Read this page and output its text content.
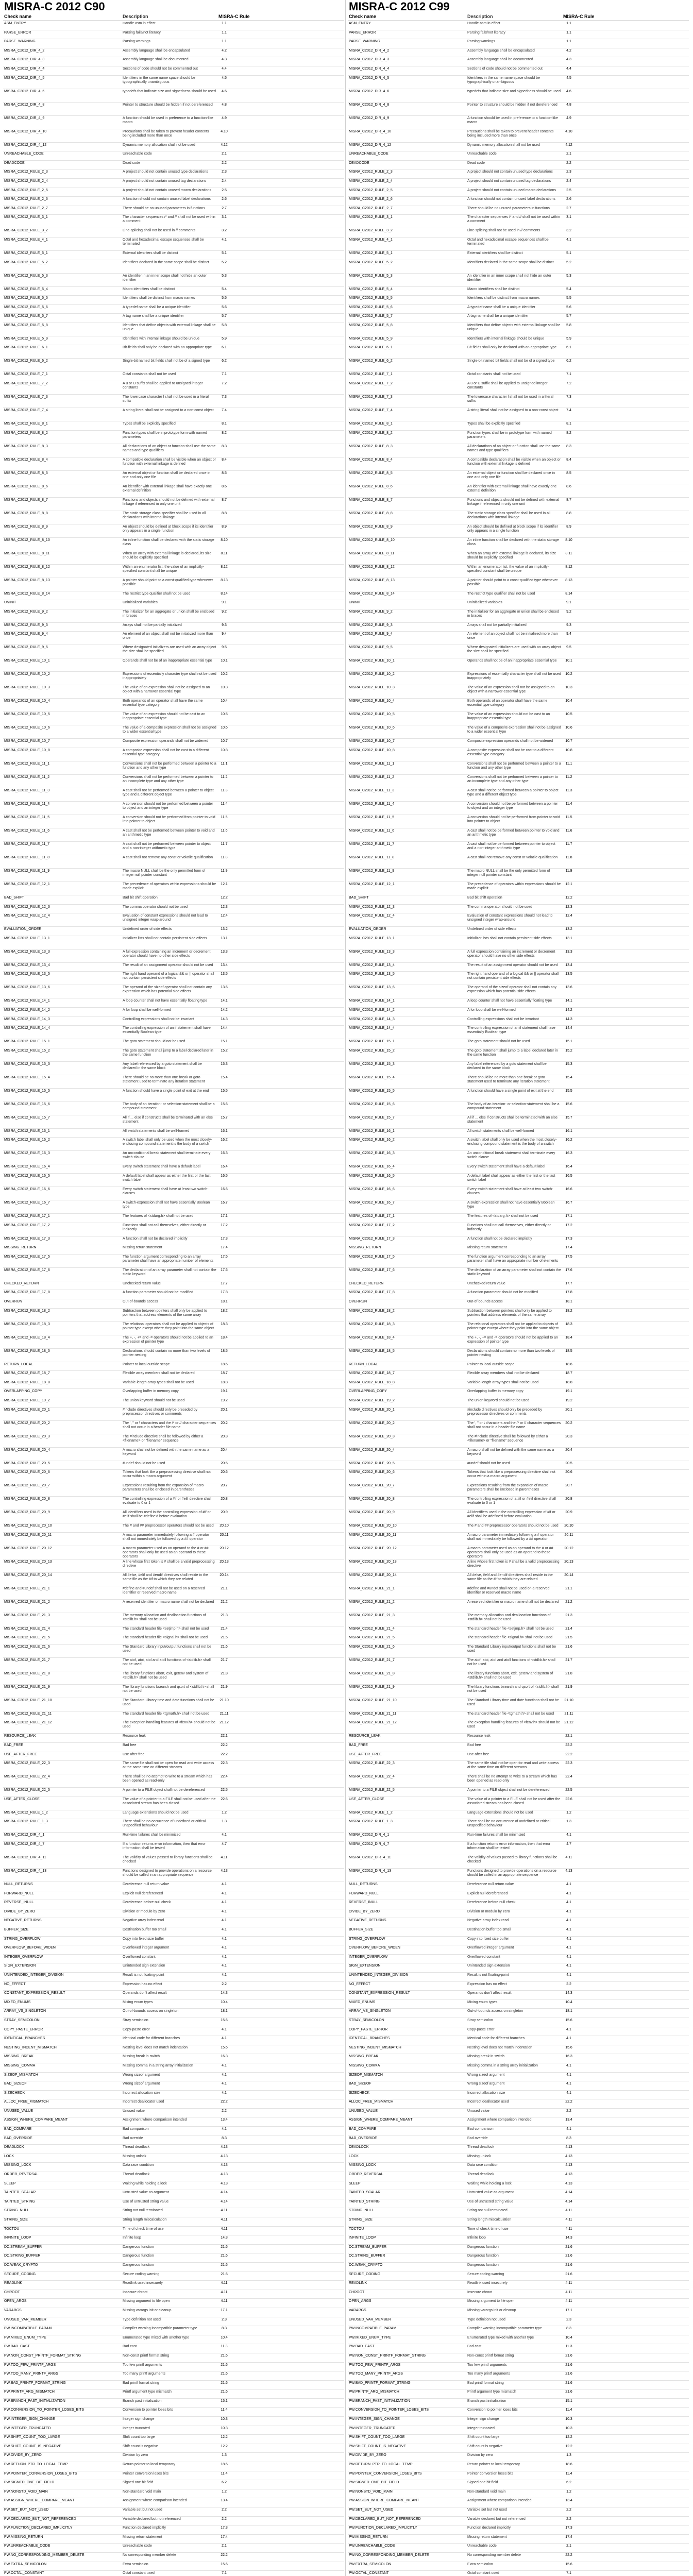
MISRA-C 2012 C90
Check name	Description	MISRA-C Rule
ASM_ENTRY	Handle asm in effect	1.1
PARSE_ERROR	Parsing fails/not literacy	1.1
PARSE_WARNING	Parsing warnings	1.1
MISRA_C2012_DIR_4_2	Assembly language shall be encapsulated	4.2
MISRA_C2012_DIR_4_3	Assembly language shall be documented	4.3
MISRA_C2012_DIR_4_4	Sections of code should not be commented out	4.4
MISRA_C2012_DIR_4_5	Identifiers in the same name space should be typographically unambiguous
4.5
MISRA_C2012_DIR_4_6	typedefs that indicate size and signedness should be used	4.6
MISRA_C2012_DIR_4_8	Pointer to structure should be hidden if not dereferenced	4.8
MISRA_C2012_DIR_4_9	A function should be used in preference to a function-like macro
4.9
MISRA_C2012_DIR_4_10	Precautions shall be taken to prevent header contents being included more than once
4.10
MISRA_C2012_DIR_4_12	Dynamic memory allocation shall not be used	4.12
UNREACHABLE_CODE	Unreachable code	2.1
DEADCODE	Dead code	2.2
MISRA_C2012_RULE_2_3	A project should not contain unused type declarations	2.3
MISRA_C2012_RULE_2_4	A project should not contain unused tag declarations	2.4
MISRA_C2012_RULE_2_5	A project should not contain unused macro declarations	2.5
MISRA_C2012_RULE_2_6	A function should not contain unused label declarations	2.6
MISRA_C2012_RULE_2_7	There should be no unused parameters in functions	2.7
MISRA_C2012_RULE_3_1	The character sequences /* and // shall not be used within a comment
3.1
MISRA_C2012_RULE_3_2	Line-splicing shall not be used in // comments	3.2
MISRA_C2012_RULE_4_1	Octal and hexadecimal escape sequences shall be terminated
4.1
MISRA_C2012_RULE_5_1	External identifiers shall be distinct	5.1
MISRA_C2012_RULE_5_2	Identifiers declared in the same scope shall be distinct	5.2
MISRA_C2012_RULE_5_3	An identifier in an inner scope shall not hide an outer identifier
5.3
MISRA_C2012_RULE_5_4	Macro identifiers shall be distinct	5.4
MISRA_C2012_RULE_5_5	Identifiers shall be distinct from macro names	5.5
MISRA_C2012_RULE_5_6	A typedef name shall be a unique identifier	5.6
MISRA_C2012_RULE_5_7	A tag name shall be a unique identifier	5.7
MISRA_C2012_RULE_5_8	Identifiers that define objects with external linkage shall be unique
5.8
MISRA_C2012_RULE_5_9	Identifiers with internal linkage should be unique	5.9
MISRA_C2012_RULE_6_1	Bit-fields shall only be declared with an appropriate type	6.1
MISRA_C2012_RULE_6_2	Single-bit named bit fields shall not be of a signed type	6.2
MISRA_C2012_RULE_7_1	Octal constants shall not be used	7.1
MISRA_C2012_RULE_7_2	A u or U suffix shall be applied to unsigned integer constants
7.2
MISRA_C2012_RULE_7_3	The lowercase character l shall not be used in a literal suffix
7.3
MISRA_C2012_RULE_7_4	A string literal shall not be assigned to a non-const object	7.4
MISRA_C2012_RULE_8_1	Types shall be explicitly specified	8.1
MISRA_C2012_RULE_8_2	Function types shall be in prototype form with named parameters
8.2
MISRA_C2012_RULE_8_3	All declarations of an object or function shall use the same names and type qualifiers
8.3
MISRA_C2012_RULE_8_4	A compatible declaration shall be visible when an object or function with external linkage is defined
8.4
MISRA_C2012_RULE_8_5	An external object or function shall be declared once in one and only one file
8.5
MISRA_C2012_RULE_8_6	An identifier with external linkage shall have exactly one external definition
8.6
MISRA_C2012_RULE_8_7	Functions and objects should not be defined with external linkage if referenced in only one unit
8.7
MISRA_C2012_RULE_8_8	The static storage class specifier shall be used in all declarations with internal linkage
8.8
MISRA_C2012_RULE_8_9	An object should be defined at block scope if its identifier only appears in a single function
8.9
MISRA_C2012_RULE_8_10	An inline function shall be declared with the static storage class
8.10
MISRA_C2012_RULE_8_11	When an array with external linkage is declared, its size should be explicitly specified
8.11
MISRA_C2012_RULE_8_12	Within an enumerator list, the value of an implicitly-specified constant shall be unique
8.12
MISRA_C2012_RULE_8_13	A pointer should point to a const-qualified type whenever possible
8.13
MISRA_C2012_RULE_8_14	The restrict type qualifier shall not be used	8.14
UNINIT	Uninitialized variables	9.1
MISRA_C2012_RULE_9_2	The initializer for an aggregate or union shall be enclosed in braces
9.2
MISRA_C2012_RULE_9_3	Arrays shall not be partially initialized	9.3
MISRA_C2012_RULE_9_4	An element of an object shall not be initialized more than once
9.4
MISRA_C2012_RULE_9_5	Where designated initializers are used with an array object the size shall be specified
9.5
MISRA_C2012_RULE_10_1	Operands shall not be of an inappropriate essential type	10.1
MISRA_C2012_RULE_10_2	Expressions of essentially character type shall not be used inappropriately
10.2
MISRA_C2012_RULE_10_3	The value of an expression shall not be assigned to an object with a narrower essential type
10.3
MISRA_C2012_RULE_10_4	Both operands of an operator shall have the same essential type category
10.4
MISRA_C2012_RULE_10_5	The value of an expression should not be cast to an inappropriate essential type
10.5
MISRA_C2012_RULE_10_6	The value of a composite expression shall not be assigned to a wider essential type
10.6
MISRA_C2012_RULE_10_7	Composite expression operands shall not be widened	10.7
MISRA_C2012_RULE_10_8	A composite expression shall not be cast to a different essential type category
10.8
MISRA_C2012_RULE_11_1	Conversions shall not be performed between a pointer to a function and any other type
11.1
MISRA_C2012_RULE_11_2	Conversions shall not be performed between a pointer to an incomplete type and any other type
11.2
MISRA_C2012_RULE_11_3	A cast shall not be performed between a pointer to object type and a different object type
11.3
MISRA_C2012_RULE_11_4	A conversion should not be performed between a pointer to object and an integer type
11.4
MISRA_C2012_RULE_11_5	A conversion should not be performed from pointer to void into pointer to object
11.5
MISRA_C2012_RULE_11_6	A cast shall not be performed between pointer to void and an arithmetic type
11.6
MISRA_C2012_RULE_11_7	A cast shall not be performed between pointer to object and a non-integer arithmetic type
11.7
MISRA_C2012_RULE_11_8	A cast shall not remove any const or volatile qualification	11.8
MISRA_C2012_RULE_11_9	The macro NULL shall be the only permitted form of integer null pointer constant
11.9
MISRA_C2012_RULE_12_1	The precedence of operators within expressions should be made explicit
12.1
BAD_SHIFT	Bad bit shift operation	12.2
MISRA_C2012_RULE_12_3	The comma operator should not be used	12.3
MISRA_C2012_RULE_12_4	Evaluation of constant expressions should not lead to unsigned integer wrap-around
12.4
EVALUATION_ORDER	Undefined order of side effects	13.2
MISRA_C2012_RULE_13_1	Initializer lists shall not contain persistent side effects	13.1
MISRA_C2012_RULE_13_3	A full expression containing an increment or decrement operator should have no other side effects
13.3
MISRA_C2012_RULE_13_4	The result of an assignment operator should not be used	13.4
MISRA_C2012_RULE_13_5	The right hand operand of a logical && or || operator shall not contain persistent side effects
13.5
MISRA_C2012_RULE_13_6	The operand of the sizeof operator shall not contain any expression which has potential side effects
13.6
MISRA_C2012_RULE_14_1	A loop counter shall not have essentially floating type	14.1
MISRA_C2012_RULE_14_2	A for loop shall be well-formed	14.2
MISRA_C2012_RULE_14_3	Controlling expressions shall not be invariant	14.3
MISRA_C2012_RULE_14_4	The controlling expression of an if statement shall have essentially Boolean type
14.4
MISRA_C2012_RULE_15_1	The goto statement should not be used	15.1
MISRA_C2012_RULE_15_2	The goto statement shall jump to a label declared later in the same function
15.2
MISRA_C2012_RULE_15_3	Any label referenced by a goto statement shall be declared in the same block
15.3
MISRA_C2012_RULE_15_4	There should be no more than one break or goto statement used to terminate any iteration statement
15.4
MISRA_C2012_RULE_15_5	A function should have a single point of exit at the end	15.5
MISRA_C2012_RULE_15_6	The body of an iteration- or selection-statement shall be a compound-statement
15.6
MISRA_C2012_RULE_15_7	All if ... else if constructs shall be terminated with an else statement
15.7
MISRA_C2012_RULE_16_1	All switch statements shall be well-formed	16.1
MISRA_C2012_RULE_16_2	A switch label shall only be used when the most closely-enclosing compound statement is the body of a switch
16.2
MISRA_C2012_RULE_16_3	An unconditional break statement shall terminate every switch-clause
16.3
MISRA_C2012_RULE_16_4	Every switch statement shall have a default label	16.4
MISRA_C2012_RULE_16_5	A default label shall appear as either the first or the last switch label
16.5
MISRA_C2012_RULE_16_6	Every switch statement shall have at least two switch-clauses
16.6
MISRA_C2012_RULE_16_7	A switch-expression shall not have essentially Boolean type
16.7
MISRA_C2012_RULE_17_1	The features of <stdarg.h> shall not be used	17.1
MISRA_C2012_RULE_17_2	Functions shall not call themselves, either directly or indirectly
17.2
MISRA_C2012_RULE_17_3	A function shall not be declared implicitly	17.3
MISSING_RETURN	Missing return statement	17.4
MISRA_C2012_RULE_17_5	The function argument corresponding to an array parameter shall have an appropriate number of elements
17.5
MISRA_C2012_RULE_17_6	The declaration of an array parameter shall not contain the static keyword
17.6
CHECKED_RETURN	Unchecked return value	17.7
MISRA_C2012_RULE_17_8	A function parameter should not be modified	17.8
OVERRUN	Out-of-bounds access	18.1
MISRA_C2012_RULE_18_2	Subtraction between pointers shall only be applied to pointers that address elements of the same array
18.2
MISRA_C2012_RULE_18_3	The relational operators shall not be applied to objects of pointer type except where they point into the same object
18.3
MISRA_C2012_RULE_18_4	The +, -, += and -= operators should not be applied to an expression of pointer type
18.4
MISRA_C2012_RULE_18_5	Declarations should contain no more than two levels of pointer nesting
18.5
RETURN_LOCAL	Pointer to local outside scope	18.6
MISRA_C2012_RULE_18_7	Flexible array members shall not be declared	18.7
MISRA_C2012_RULE_18_8	Variable-length array types shall not be used	18.8
OVERLAPPING_COPY	Overlapping buffer in memory copy	19.1
MISRA_C2012_RULE_19_2	The union keyword should not be used	19.2
MISRA_C2012_RULE_20_1	#include directives should only be preceded by preprocessor directives or comments
20.1
MISRA_C2012_RULE_20_2	The ', " or \ characters and the /* or // character sequences shall not occur in a header file name
20.2
MISRA_C2012_RULE_20_3	The #include directive shall be followed by either a <filename> or "filename" sequence
20.3
MISRA_C2012_RULE_20_4	A macro shall not be defined with the same name as a keyword
20.4
MISRA_C2012_RULE_20_5	#undef should not be used	20.5
MISRA_C2012_RULE_20_6	Tokens that look like a preprocessing directive shall not occur within a macro argument
20.6
MISRA_C2012_RULE_20_7	Expressions resulting from the expansion of macro parameters shall be enclosed in parentheses
20.7
MISRA_C2012_RULE_20_8	The controlling expression of a #if or #elif directive shall evaluate to 0 or 1
20.8
MISRA_C2012_RULE_20_9	All identifiers used in the controlling expression of #if or #elif shall be #define'd before evaluation
20.9
MISRA_C2012_RULE_20_10	The # and ## preprocessor operators should not be used	20.10
MISRA_C2012_RULE_20_11	A macro parameter immediately following a # operator shall not immediately be followed by a ## operator
20.11
MISRA_C2012_RULE_20_12	A macro parameter used as an operand to the # or ## operators shall only be used as an operand to these operators
20.12
MISRA_C2012_RULE_20_13	A line whose first token is # shall be a valid preprocessing directive
20.13
MISRA_C2012_RULE_20_14	All #else, #elif and #endif directives shall reside in the same file as the #if to which they are related
20.14
MISRA_C2012_RULE_21_1	#define and #undef shall not be used on a reserved identifier or reserved macro name
21.1
MISRA_C2012_RULE_21_2	A reserved identifier or macro name shall not be declared	21.2
MISRA_C2012_RULE_21_3	The memory allocation and deallocation functions of <stdlib.h> shall not be used
21.3
MISRA_C2012_RULE_21_4	The standard header file <setjmp.h> shall not be used	21.4
MISRA_C2012_RULE_21_5	The standard header file <signal.h> shall not be used	21.5
MISRA_C2012_RULE_21_6	The Standard Library input/output functions shall not be used
21.6
MISRA_C2012_RULE_21_7	The atof, atoi, atol and atoll functions of <stdlib.h> shall not be used
21.7
MISRA_C2012_RULE_21_8	The library functions abort, exit, getenv and system of <stdlib.h> shall not be used
21.8
MISRA_C2012_RULE_21_9	The library functions bsearch and qsort of <stdlib.h> shall not be used
21.9
MISRA_C2012_RULE_21_10	The Standard Library time and date functions shall not be used
21.10
MISRA_C2012_RULE_21_11	The standard header file <tgmath.h> shall not be used	21.11
MISRA_C2012_RULE_21_12	The exception handling features of <fenv.h> should not be used
21.12
RESOURCE_LEAK	Resource leak	22.1
BAD_FREE	Bad free	22.2
USE_AFTER_FREE	Use after free	22.2
MISRA_C2012_RULE_22_3	The same file shall not be open for read and write access at the same time on different streams
22.3
MISRA_C2012_RULE_22_4	There shall be no attempt to write to a stream which has been opened as read-only
22.4
MISRA_C2012_RULE_22_5	A pointer to a FILE object shall not be dereferenced	22.5
USE_AFTER_CLOSE	The value of a pointer to a FILE shall not be used after the associated stream has been closed
22.6
MISRA_C2012_RULE_1_2	Language extensions should not be used	1.2
MISRA_C2012_RULE_1_3	There shall be no occurrence of undefined or critical unspecified behaviour
1.3
MISRA_C2012_DIR_4_1	Run-time failures shall be minimized	4.1
MISRA_C2012_DIR_4_7	If a function returns error information, then that error information shall be tested
4.7
MISRA_C2012_DIR_4_11	The validity of values passed to library functions shall be checked
4.11
MISRA_C2012_DIR_4_13	Functions designed to provide operations on a resource should be called in an appropriate sequence
4.13
NULL_RETURNS	Dereference null return value	4.1
FORWARD_NULL	Explicit null dereferenced	4.1
REVERSE_INULL	Dereference before null check	4.1
DIVIDE_BY_ZERO	Division or modulo by zero	4.1
NEGATIVE_RETURNS	Negative array index read	4.1
BUFFER_SIZE	Destination buffer too small	4.1
STRING_OVERFLOW	Copy into fixed size buffer	4.1
OVERFLOW_BEFORE_WIDEN	Overflowed integer argument	4.1
INTEGER_OVERFLOW	Overflowed constant	4.1
SIGN_EXTENSION	Unintended sign extension	4.1
UNINTENDED_INTEGER_DIVISION	Result is not floating-point	4.1
NO_EFFECT	Expression has no effect	2.2
CONSTANT_EXPRESSION_RESULT	Operands don't affect result	14.3
MIXED_ENUMS	Mixing enum types	10.4
ARRAY_VS_SINGLETON	Out-of-bounds access on singleton	18.1
STRAY_SEMICOLON	Stray semicolon	15.6
COPY_PASTE_ERROR	Copy-paste error	4.1
IDENTICAL_BRANCHES	Identical code for different branches	4.1
NESTING_INDENT_MISMATCH	Nesting level does not match indentation	15.6
MISSING_BREAK	Missing break in switch	16.3
MISSING_COMMA	Missing comma in a string array initialization	4.1
SIZEOF_MISMATCH	Wrong sizeof argument	4.1
BAD_SIZEOF	Wrong sizeof argument	4.1
SIZECHECK	Incorrect allocation size	4.1
ALLOC_FREE_MISMATCH	Incorrect deallocator used	22.2
UNUSED_VALUE	Unused value	2.2
ASSIGN_WHERE_COMPARE_MEANT	Assignment where comparison intended	13.4
BAD_COMPARE	Bad comparison	4.1
BAD_OVERRIDE	Bad override	8.3
DEADLOCK	Thread deadlock	4.13
LOCK	Missing unlock	4.13
MISSING_LOCK	Data race condition	4.13
ORDER_REVERSAL	Thread deadlock	4.13
SLEEP	Waiting while holding a lock	4.13
TAINTED_SCALAR	Untrusted value as argument	4.14
TAINTED_STRING	Use of untrusted string value	4.14
STRING_NULL	String not null terminated	4.11
STRING_SIZE	String length miscalculation	4.11
TOCTOU	Time of check time of use	4.11
INFINITE_LOOP	Infinite loop	14.3
DC.STREAM_BUFFER	Dangerous function	21.6
DC.STRING_BUFFER	Dangerous function	21.6
DC.WEAK_CRYPTO	Dangerous function	21.6
SECURE_CODING	Secure coding warning	21.6
READLINK	Readlink used insecurely	4.11
CHROOT	Insecure chroot	4.11
OPEN_ARGS	Missing argument to file open	4.11
VARARGS	Missing varargs init or cleanup	17.1
UNUSED_VAR_MEMBER	Type definition not used	2.3
PW.INCOMPATIBLE_PARAM	Compiler warning incompatible parameter type	8.3
PW.MIXED_ENUM_TYPE	Enumerated type mixed with another type	10.4
PW.BAD_CAST	Bad cast	11.3
PW.NON_CONST_PRINTF_FORMAT_STRING	Non-const printf format string	21.6
PW.TOO_FEW_PRINTF_ARGS	Too few printf arguments	21.6
PW.TOO_MANY_PRINTF_ARGS	Too many printf arguments	21.6
PW.BAD_PRINTF_FORMAT_STRING	Bad printf format string	21.6
PW.PRINTF_ARG_MISMATCH	Printf argument type mismatch	21.6
PW.BRANCH_PAST_INITIALIZATION	Branch past initialization	15.1
PW.CONVERSION_TO_POINTER_LOSES_BITS	Conversion to pointer loses bits	11.4
PW.INTEGER_SIGN_CHANGE	Integer sign change	10.3
PW.INTEGER_TRUNCATED	Integer truncated	10.3
PW.SHIFT_COUNT_TOO_LARGE	Shift count too large	12.2
PW.SHIFT_COUNT_IS_NEGATIVE	Shift count is negative	12.2
PW.DIVIDE_BY_ZERO	Division by zero	1.3
PW.RETURN_PTR_TO_LOCAL_TEMP	Return pointer to local temporary	18.6
PW.POINTER_CONVERSION_LOSES_BITS	Pointer conversion loses bits	11.4
PW.SIGNED_ONE_BIT_FIELD	Signed one bit field	6.2
PW.NONSTD_VOID_MAIN	Non-standard void main	1.2
PW.ASSIGN_WHERE_COMPARE_MEANT	Assignment where comparison intended	13.4
PW.SET_BUT_NOT_USED	Variable set but not used	2.2
PW.DECLARED_BUT_NOT_REFERENCED	Variable declared but not referenced	2.2
PW.FUNCTION_DECLARED_IMPLICITLY	Function declared implicitly	17.3
PW.MISSING_RETURN	Missing return statement	17.4
PW.UNREACHABLE_CODE	Unreachable code	2.1
PW.NO_CORRESPONDING_MEMBER_DELETE	No corresponding member delete	22.2
PW.EXTRA_SEMICOLON	Extra semicolon	15.6
PW.OCTAL_CONSTANT	Octal constant used	7.1
MISRA-C 2012 C99
Check name	Description	MISRA-C Rule
ASM_ENTRY	Handle asm in effect	1.1
PARSE_ERROR	Parsing fails/not literacy	1.1
PARSE_WARNING	Parsing warnings	1.1
MISRA_C2012_DIR_4_2	Assembly language shall be encapsulated	4.2
MISRA_C2012_DIR_4_3	Assembly language shall be documented	4.3
MISRA_C2012_DIR_4_4	Sections of code should not be commented out	4.4
MISRA_C2012_DIR_4_5	Identifiers in the same name space should be typographically unambiguous
4.5
MISRA_C2012_DIR_4_6	typedefs that indicate size and signedness should be used	4.6
MISRA_C2012_DIR_4_8	Pointer to structure should be hidden if not dereferenced	4.8
MISRA_C2012_DIR_4_9	A function should be used in preference to a function-like macro
4.9
MISRA_C2012_DIR_4_10	Precautions shall be taken to prevent header contents being included more than once
4.10
MISRA_C2012_DIR_4_12	Dynamic memory allocation shall not be used	4.12
UNREACHABLE_CODE	Unreachable code	2.1
DEADCODE	Dead code	2.2
MISRA_C2012_RULE_2_3	A project should not contain unused type declarations	2.3
MISRA_C2012_RULE_2_4	A project should not contain unused tag declarations	2.4
MISRA_C2012_RULE_2_5	A project should not contain unused macro declarations	2.5
MISRA_C2012_RULE_2_6	A function should not contain unused label declarations	2.6
MISRA_C2012_RULE_2_7	There should be no unused parameters in functions	2.7
MISRA_C2012_RULE_3_1	The character sequences /* and // shall not be used within a comment
3.1
MISRA_C2012_RULE_3_2	Line-splicing shall not be used in // comments	3.2
MISRA_C2012_RULE_4_1	Octal and hexadecimal escape sequences shall be terminated
4.1
MISRA_C2012_RULE_5_1	External identifiers shall be distinct	5.1
MISRA_C2012_RULE_5_2	Identifiers declared in the same scope shall be distinct	5.2
MISRA_C2012_RULE_5_3	An identifier in an inner scope shall not hide an outer identifier
5.3
MISRA_C2012_RULE_5_4	Macro identifiers shall be distinct	5.4
MISRA_C2012_RULE_5_5	Identifiers shall be distinct from macro names	5.5
MISRA_C2012_RULE_5_6	A typedef name shall be a unique identifier	5.6
MISRA_C2012_RULE_5_7	A tag name shall be a unique identifier	5.7
MISRA_C2012_RULE_5_8	Identifiers that define objects with external linkage shall be unique
5.8
MISRA_C2012_RULE_5_9	Identifiers with internal linkage should be unique	5.9
MISRA_C2012_RULE_6_1	Bit-fields shall only be declared with an appropriate type	6.1
MISRA_C2012_RULE_6_2	Single-bit named bit fields shall not be of a signed type	6.2
MISRA_C2012_RULE_7_1	Octal constants shall not be used	7.1
MISRA_C2012_RULE_7_2	A u or U suffix shall be applied to unsigned integer constants
7.2
MISRA_C2012_RULE_7_3	The lowercase character l shall not be used in a literal suffix
7.3
MISRA_C2012_RULE_7_4	A string literal shall not be assigned to a non-const object	7.4
MISRA_C2012_RULE_8_1	Types shall be explicitly specified	8.1
MISRA_C2012_RULE_8_2	Function types shall be in prototype form with named parameters
8.2
MISRA_C2012_RULE_8_3	All declarations of an object or function shall use the same names and type qualifiers
8.3
MISRA_C2012_RULE_8_4	A compatible declaration shall be visible when an object or function with external linkage is defined
8.4
MISRA_C2012_RULE_8_5	An external object or function shall be declared once in one and only one file
8.5
MISRA_C2012_RULE_8_6	An identifier with external linkage shall have exactly one external definition
8.6
MISRA_C2012_RULE_8_7	Functions and objects should not be defined with external linkage if referenced in only one unit
8.7
MISRA_C2012_RULE_8_8	The static storage class specifier shall be used in all declarations with internal linkage
8.8
MISRA_C2012_RULE_8_9	An object should be defined at block scope if its identifier only appears in a single function
8.9
MISRA_C2012_RULE_8_10	An inline function shall be declared with the static storage class
8.10
MISRA_C2012_RULE_8_11	When an array with external linkage is declared, its size should be explicitly specified
8.11
MISRA_C2012_RULE_8_12	Within an enumerator list, the value of an implicitly-specified constant shall be unique
8.12
MISRA_C2012_RULE_8_13	A pointer should point to a const-qualified type whenever possible
8.13
MISRA_C2012_RULE_8_14	The restrict type qualifier shall not be used	8.14
UNINIT	Uninitialized variables	9.1
MISRA_C2012_RULE_9_2	The initializer for an aggregate or union shall be enclosed in braces
9.2
MISRA_C2012_RULE_9_3	Arrays shall not be partially initialized	9.3
MISRA_C2012_RULE_9_4	An element of an object shall not be initialized more than once
9.4
MISRA_C2012_RULE_9_5	Where designated initializers are used with an array object the size shall be specified
9.5
MISRA_C2012_RULE_10_1	Operands shall not be of an inappropriate essential type	10.1
MISRA_C2012_RULE_10_2	Expressions of essentially character type shall not be used inappropriately
10.2
MISRA_C2012_RULE_10_3	The value of an expression shall not be assigned to an object with a narrower essential type
10.3
MISRA_C2012_RULE_10_4	Both operands of an operator shall have the same essential type category
10.4
MISRA_C2012_RULE_10_5	The value of an expression should not be cast to an inappropriate essential type
10.5
MISRA_C2012_RULE_10_6	The value of a composite expression shall not be assigned to a wider essential type
10.6
MISRA_C2012_RULE_10_7	Composite expression operands shall not be widened	10.7
MISRA_C2012_RULE_10_8	A composite expression shall not be cast to a different essential type category
10.8
MISRA_C2012_RULE_11_1	Conversions shall not be performed between a pointer to a function and any other type
11.1
MISRA_C2012_RULE_11_2	Conversions shall not be performed between a pointer to an incomplete type and any other type
11.2
MISRA_C2012_RULE_11_3	A cast shall not be performed between a pointer to object type and a different object type
11.3
MISRA_C2012_RULE_11_4	A conversion should not be performed between a pointer to object and an integer type
11.4
MISRA_C2012_RULE_11_5	A conversion should not be performed from pointer to void into pointer to object
11.5
MISRA_C2012_RULE_11_6	A cast shall not be performed between pointer to void and an arithmetic type
11.6
MISRA_C2012_RULE_11_7	A cast shall not be performed between pointer to object and a non-integer arithmetic type
11.7
MISRA_C2012_RULE_11_8	A cast shall not remove any const or volatile qualification	11.8
MISRA_C2012_RULE_11_9	The macro NULL shall be the only permitted form of integer null pointer constant
11.9
MISRA_C2012_RULE_12_1	The precedence of operators within expressions should be made explicit
12.1
BAD_SHIFT	Bad bit shift operation	12.2
MISRA_C2012_RULE_12_3	The comma operator should not be used	12.3
MISRA_C2012_RULE_12_4	Evaluation of constant expressions should not lead to unsigned integer wrap-around
12.4
EVALUATION_ORDER	Undefined order of side effects	13.2
MISRA_C2012_RULE_13_1	Initializer lists shall not contain persistent side effects	13.1
MISRA_C2012_RULE_13_3	A full expression containing an increment or decrement operator should have no other side effects
13.3
MISRA_C2012_RULE_13_4	The result of an assignment operator should not be used	13.4
MISRA_C2012_RULE_13_5	The right hand operand of a logical && or || operator shall not contain persistent side effects
13.5
MISRA_C2012_RULE_13_6	The operand of the sizeof operator shall not contain any expression which has potential side effects
13.6
MISRA_C2012_RULE_14_1	A loop counter shall not have essentially floating type	14.1
MISRA_C2012_RULE_14_2	A for loop shall be well-formed	14.2
MISRA_C2012_RULE_14_3	Controlling expressions shall not be invariant	14.3
MISRA_C2012_RULE_14_4	The controlling expression of an if statement shall have essentially Boolean type
14.4
MISRA_C2012_RULE_15_1	The goto statement should not be used	15.1
MISRA_C2012_RULE_15_2	The goto statement shall jump to a label declared later in the same function
15.2
MISRA_C2012_RULE_15_3	Any label referenced by a goto statement shall be declared in the same block
15.3
MISRA_C2012_RULE_15_4	There should be no more than one break or goto statement used to terminate any iteration statement
15.4
MISRA_C2012_RULE_15_5	A function should have a single point of exit at the end	15.5
MISRA_C2012_RULE_15_6	The body of an iteration- or selection-statement shall be a compound-statement
15.6
MISRA_C2012_RULE_15_7	All if ... else if constructs shall be terminated with an else statement
15.7
MISRA_C2012_RULE_16_1	All switch statements shall be well-formed	16.1
MISRA_C2012_RULE_16_2	A switch label shall only be used when the most closely-enclosing compound statement is the body of a switch
16.2
MISRA_C2012_RULE_16_3	An unconditional break statement shall terminate every switch-clause
16.3
MISRA_C2012_RULE_16_4	Every switch statement shall have a default label	16.4
MISRA_C2012_RULE_16_5	A default label shall appear as either the first or the last switch label
16.5
MISRA_C2012_RULE_16_6	Every switch statement shall have at least two switch-clauses
16.6
MISRA_C2012_RULE_16_7	A switch-expression shall not have essentially Boolean type
16.7
MISRA_C2012_RULE_17_1	The features of <stdarg.h> shall not be used	17.1
MISRA_C2012_RULE_17_2	Functions shall not call themselves, either directly or indirectly
17.2
MISRA_C2012_RULE_17_3	A function shall not be declared implicitly	17.3
MISSING_RETURN	Missing return statement	17.4
MISRA_C2012_RULE_17_5	The function argument corresponding to an array parameter shall have an appropriate number of elements
17.5
MISRA_C2012_RULE_17_6	The declaration of an array parameter shall not contain the static keyword
17.6
CHECKED_RETURN	Unchecked return value	17.7
MISRA_C2012_RULE_17_8	A function parameter should not be modified	17.8
OVERRUN	Out-of-bounds access	18.1
MISRA_C2012_RULE_18_2	Subtraction between pointers shall only be applied to pointers that address elements of the same array
18.2
MISRA_C2012_RULE_18_3	The relational operators shall not be applied to objects of pointer type except where they point into the same object
18.3
MISRA_C2012_RULE_18_4	The +, -, += and -= operators should not be applied to an expression of pointer type
18.4
MISRA_C2012_RULE_18_5	Declarations should contain no more than two levels of pointer nesting
18.5
RETURN_LOCAL	Pointer to local outside scope	18.6
MISRA_C2012_RULE_18_7	Flexible array members shall not be declared	18.7
MISRA_C2012_RULE_18_8	Variable-length array types shall not be used	18.8
OVERLAPPING_COPY	Overlapping buffer in memory copy	19.1
MISRA_C2012_RULE_19_2	The union keyword should not be used	19.2
MISRA_C2012_RULE_20_1	#include directives should only be preceded by preprocessor directives or comments
20.1
MISRA_C2012_RULE_20_2	The ', " or \ characters and the /* or // character sequences shall not occur in a header file name
20.2
MISRA_C2012_RULE_20_3	The #include directive shall be followed by either a <filename> or "filename" sequence
20.3
MISRA_C2012_RULE_20_4	A macro shall not be defined with the same name as a keyword
20.4
MISRA_C2012_RULE_20_5	#undef should not be used	20.5
MISRA_C2012_RULE_20_6	Tokens that look like a preprocessing directive shall not occur within a macro argument
20.6
MISRA_C2012_RULE_20_7	Expressions resulting from the expansion of macro parameters shall be enclosed in parentheses
20.7
MISRA_C2012_RULE_20_8	The controlling expression of a #if or #elif directive shall evaluate to 0 or 1
20.8
MISRA_C2012_RULE_20_9	All identifiers used in the controlling expression of #if or #elif shall be #define'd before evaluation
20.9
MISRA_C2012_RULE_20_10	The # and ## preprocessor operators should not be used	20.10
MISRA_C2012_RULE_20_11	A macro parameter immediately following a # operator shall not immediately be followed by a ## operator
20.11
MISRA_C2012_RULE_20_12	A macro parameter used as an operand to the # or ## operators shall only be used as an operand to these operators
20.12
MISRA_C2012_RULE_20_13	A line whose first token is # shall be a valid preprocessing directive
20.13
MISRA_C2012_RULE_20_14	All #else, #elif and #endif directives shall reside in the same file as the #if to which they are related
20.14
MISRA_C2012_RULE_21_1	#define and #undef shall not be used on a reserved identifier or reserved macro name
21.1
MISRA_C2012_RULE_21_2	A reserved identifier or macro name shall not be declared	21.2
MISRA_C2012_RULE_21_3	The memory allocation and deallocation functions of <stdlib.h> shall not be used
21.3
MISRA_C2012_RULE_21_4	The standard header file <setjmp.h> shall not be used	21.4
MISRA_C2012_RULE_21_5	The standard header file <signal.h> shall not be used	21.5
MISRA_C2012_RULE_21_6	The Standard Library input/output functions shall not be used
21.6
MISRA_C2012_RULE_21_7	The atof, atoi, atol and atoll functions of <stdlib.h> shall not be used
21.7
MISRA_C2012_RULE_21_8	The library functions abort, exit, getenv and system of <stdlib.h> shall not be used
21.8
MISRA_C2012_RULE_21_9	The library functions bsearch and qsort of <stdlib.h> shall not be used
21.9
MISRA_C2012_RULE_21_10	The Standard Library time and date functions shall not be used
21.10
MISRA_C2012_RULE_21_11	The standard header file <tgmath.h> shall not be used	21.11
MISRA_C2012_RULE_21_12	The exception handling features of <fenv.h> should not be used
21.12
RESOURCE_LEAK	Resource leak	22.1
BAD_FREE	Bad free	22.2
USE_AFTER_FREE	Use after free	22.2
MISRA_C2012_RULE_22_3	The same file shall not be open for read and write access at the same time on different streams
22.3
MISRA_C2012_RULE_22_4	There shall be no attempt to write to a stream which has been opened as read-only
22.4
MISRA_C2012_RULE_22_5	A pointer to a FILE object shall not be dereferenced	22.5
USE_AFTER_CLOSE	The value of a pointer to a FILE shall not be used after the associated stream has been closed
22.6
MISRA_C2012_RULE_1_2	Language extensions should not be used	1.2
MISRA_C2012_RULE_1_3	There shall be no occurrence of undefined or critical unspecified behaviour
1.3
MISRA_C2012_DIR_4_1	Run-time failures shall be minimized	4.1
MISRA_C2012_DIR_4_7	If a function returns error information, then that error information shall be tested
4.7
MISRA_C2012_DIR_4_11	The validity of values passed to library functions shall be checked
4.11
MISRA_C2012_DIR_4_13	Functions designed to provide operations on a resource should be called in an appropriate sequence
4.13
NULL_RETURNS	Dereference null return value	4.1
FORWARD_NULL	Explicit null dereferenced	4.1
REVERSE_INULL	Dereference before null check	4.1
DIVIDE_BY_ZERO	Division or modulo by zero	4.1
NEGATIVE_RETURNS	Negative array index read	4.1
BUFFER_SIZE	Destination buffer too small	4.1
STRING_OVERFLOW	Copy into fixed size buffer	4.1
OVERFLOW_BEFORE_WIDEN	Overflowed integer argument	4.1
INTEGER_OVERFLOW	Overflowed constant	4.1
SIGN_EXTENSION	Unintended sign extension	4.1
UNINTENDED_INTEGER_DIVISION	Result is not floating-point	4.1
NO_EFFECT	Expression has no effect	2.2
CONSTANT_EXPRESSION_RESULT	Operands don't affect result	14.3
MIXED_ENUMS	Mixing enum types	10.4
ARRAY_VS_SINGLETON	Out-of-bounds access on singleton	18.1
STRAY_SEMICOLON	Stray semicolon	15.6
COPY_PASTE_ERROR	Copy-paste error	4.1
IDENTICAL_BRANCHES	Identical code for different branches	4.1
NESTING_INDENT_MISMATCH	Nesting level does not match indentation	15.6
MISSING_BREAK	Missing break in switch	16.3
MISSING_COMMA	Missing comma in a string array initialization	4.1
SIZEOF_MISMATCH	Wrong sizeof argument	4.1
BAD_SIZEOF	Wrong sizeof argument	4.1
SIZECHECK	Incorrect allocation size	4.1
ALLOC_FREE_MISMATCH	Incorrect deallocator used	22.2
UNUSED_VALUE	Unused value	2.2
ASSIGN_WHERE_COMPARE_MEANT	Assignment where comparison intended	13.4
BAD_COMPARE	Bad comparison	4.1
BAD_OVERRIDE	Bad override	8.3
DEADLOCK	Thread deadlock	4.13
LOCK	Missing unlock	4.13
MISSING_LOCK	Data race condition	4.13
ORDER_REVERSAL	Thread deadlock	4.13
SLEEP	Waiting while holding a lock	4.13
TAINTED_SCALAR	Untrusted value as argument	4.14
TAINTED_STRING	Use of untrusted string value	4.14
STRING_NULL	String not null terminated	4.11
STRING_SIZE	String length miscalculation	4.11
TOCTOU	Time of check time of use	4.11
INFINITE_LOOP	Infinite loop	14.3
DC.STREAM_BUFFER	Dangerous function	21.6
DC.STRING_BUFFER	Dangerous function	21.6
DC.WEAK_CRYPTO	Dangerous function	21.6
SECURE_CODING	Secure coding warning	21.6
READLINK	Readlink used insecurely	4.11
CHROOT	Insecure chroot	4.11
OPEN_ARGS	Missing argument to file open	4.11
VARARGS	Missing varargs init or cleanup	17.1
UNUSED_VAR_MEMBER	Type definition not used	2.3
PW.INCOMPATIBLE_PARAM	Compiler warning incompatible parameter type	8.3
PW.MIXED_ENUM_TYPE	Enumerated type mixed with another type	10.4
PW.BAD_CAST	Bad cast	11.3
PW.NON_CONST_PRINTF_FORMAT_STRING	Non-const printf format string	21.6
PW.TOO_FEW_PRINTF_ARGS	Too few printf arguments	21.6
PW.TOO_MANY_PRINTF_ARGS	Too many printf arguments	21.6
PW.BAD_PRINTF_FORMAT_STRING	Bad printf format string	21.6
PW.PRINTF_ARG_MISMATCH	Printf argument type mismatch	21.6
PW.BRANCH_PAST_INITIALIZATION	Branch past initialization	15.1
PW.CONVERSION_TO_POINTER_LOSES_BITS	Conversion to pointer loses bits	11.4
PW.INTEGER_SIGN_CHANGE	Integer sign change	10.3
PW.INTEGER_TRUNCATED	Integer truncated	10.3
PW.SHIFT_COUNT_TOO_LARGE	Shift count too large	12.2
PW.SHIFT_COUNT_IS_NEGATIVE	Shift count is negative	12.2
PW.DIVIDE_BY_ZERO	Division by zero	1.3
PW.RETURN_PTR_TO_LOCAL_TEMP	Return pointer to local temporary	18.6
PW.POINTER_CONVERSION_LOSES_BITS	Pointer conversion loses bits	11.4
PW.SIGNED_ONE_BIT_FIELD	Signed one bit field	6.2
PW.NONSTD_VOID_MAIN	Non-standard void main	1.2
PW.ASSIGN_WHERE_COMPARE_MEANT	Assignment where comparison intended	13.4
PW.SET_BUT_NOT_USED	Variable set but not used	2.2
PW.DECLARED_BUT_NOT_REFERENCED	Variable declared but not referenced	2.2
PW.FUNCTION_DECLARED_IMPLICITLY	Function declared implicitly	17.3
PW.MISSING_RETURN	Missing return statement	17.4
PW.UNREACHABLE_CODE	Unreachable code	2.1
PW.NO_CORRESPONDING_MEMBER_DELETE	No corresponding member delete	22.2
PW.EXTRA_SEMICOLON	Extra semicolon	15.6
PW.OCTAL_CONSTANT	Octal constant used	7.1
